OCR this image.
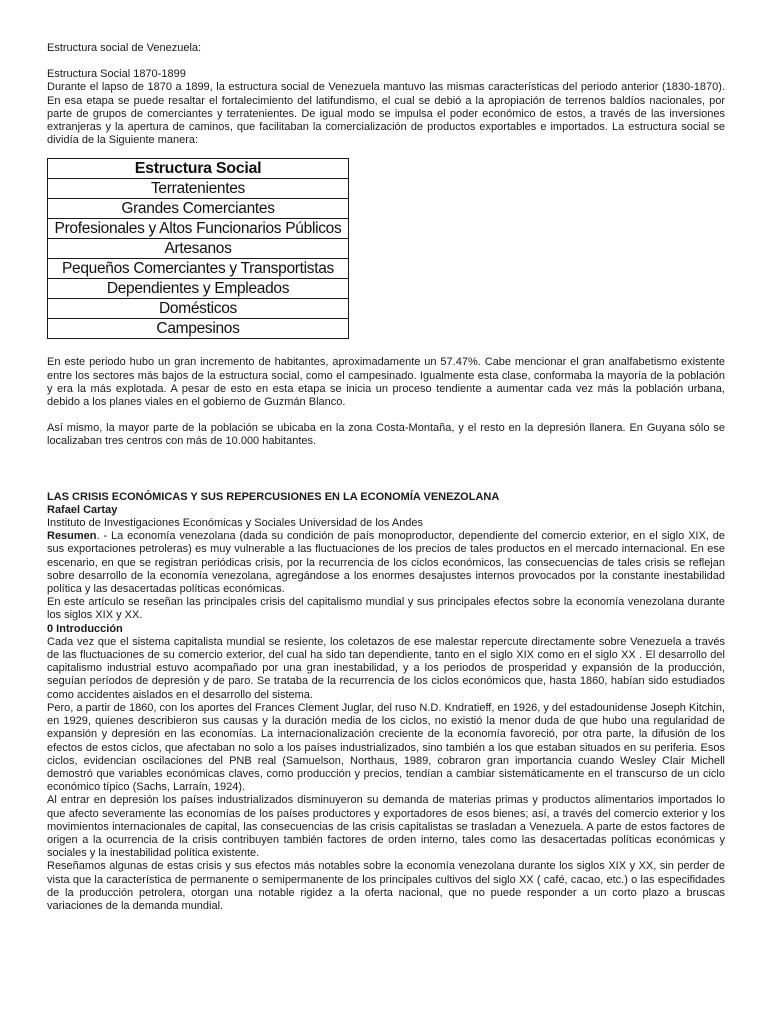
Estructura social de Venezuela:

Estructura Social 1870-1899

Durante el lapso de 1870 a 1899, la estructura social de Venezuela mantuvo las mismas características del periodo anterior (1830-1870). En esa etapa se puede resaltar el fortalecimiento del latifundismo, el cual se debió a la apropiación de terrenos baldíos nacionales, por parte de grupos de comerciantes y terratenientes. De igual modo se impulsa el poder económico de estos, a través de las inversiones extranjeras y la apertura de caminos, que facilitaban la comercialización de productos exportables e importados. La estructura social se dividía de la Siguiente manera:

Estructura Social
Terratenientes
Grandes Comerciantes
Profesionales y Altos Funcionarios Públicos
Artesanos
Pequeños Comerciantes y Transportistas
Dependientes y Empleados
Domésticos
Campesinos

En este periodo hubo un gran incremento de habitantes, aproximadamente un 57.47%. Cabe mencionar el gran analfabetismo existente entre los sectores más bajos de la estructura social, como el campesinado. Igualmente esta clase, conformaba la mayoría de la población y era la más explotada. A pesar de esto en esta etapa se inicia un proceso tendiente a aumentar cada vez más la población urbana, debido a los planes viales en el gobierno de Guzmán Blanco.

Así mismo, la mayor parte de la población se ubicaba en la zona Costa-Montaña, y el resto en la depresión llanera. En Guyana sólo se localizaban tres centros con más de 10.000 habitantes.

LAS CRISIS ECONÓMICAS Y SUS REPERCUSIONES EN LA ECONOMÍA VENEZOLANA

Rafael Cartay

Instituto de Investigaciones Económicas y Sociales Universidad de los Andes

Resumen. - La economía venezolana (dada su condición de país monoproductor, dependiente del comercio exterior, en el siglo XIX, de sus exportaciones petroleras) es muy vulnerable a las fluctuaciones de los precios de tales productos en el mercado internacional. En ese escenario, en que se registran periódicas crisis, por la recurrencia de los ciclos económicos, las consecuencias de tales crisis se reflejan sobre desarrollo de la economía venezolana, agregándose a los enormes desajustes internos provocados por la constante inestabilidad política y las desacertadas políticas económicas.

En este artículo se reseñan las principales crisis del capitalismo mundial y sus principales efectos sobre la economía venezolana durante los siglos XIX y XX.

0 Introducción

Cada vez que el sistema capitalista mundial se resiente, los coletazos de ese malestar repercute directamente sobre Venezuela a través de las fluctuaciones de su comercio exterior, del cual ha sido tan dependiente, tanto en el siglo XIX como en el siglo XX . El desarrollo del capitalismo industrial estuvo acompañado por una gran inestabilidad, y a los periodos de prosperidad y expansión de la producción, seguían períodos de depresión y de paro. Se trataba de la recurrencia de los ciclos económicos que, hasta 1860, habían sido estudiados como accidentes aislados en el desarrollo del sistema.

Pero, a partir de 1860, con los aportes del Frances Clement Juglar, del ruso N.D. Kndratieff, en 1926, y del estadounidense Joseph Kitchin, en 1929, quienes describieron sus causas y la duración media de los ciclos, no existió la menor duda de que hubo una regularidad de expansión y depresión en las economías. La internacionalización creciente de la economía favoreció, por otra parte, la difusión de los efectos de estos ciclos, que afectaban no solo a los países industrializados, sino también a los que estaban situados en su periferia. Esos ciclos, evidencian oscilaciones del PNB real (Samuelson, Northaus, 1989, cobraron gran importancia cuando Wesley Clair Michell demostró que variables económicas claves, como producción y precios, tendían a cambiar sistemáticamente en el transcurso de un ciclo económico típico (Sachs, Larraín, 1924).

Al entrar en depresión los países industrializados disminuyeron su demanda de materias primas y productos alimentarios importados lo que afecto severamente las economías de los países productores y exportadores de esos bienes; así, a través del comercio exterior y los movimientos internacionales de capital, las consecuencias de las crisis capitalistas se trasladan a Venezuela. A parte de estos factores de origen a la ocurrencia de la crisis contribuyen también factores de orden interno, tales como las desacertadas políticas económicas y sociales y la inestabilidad política existente.

Reseñamos algunas de estas crisis y sus efectos más notables sobre la economía venezolana durante los siglos XIX y XX, sin perder de vista que la característica de permanente o semipermanente de los principales cultivos del siglo XX ( café, cacao, etc.) o las especifidades de la producción petrolera, otorgan una notable rigidez a la oferta nacional, que no puede responder a un corto plazo a bruscas variaciones de la demanda mundial.
